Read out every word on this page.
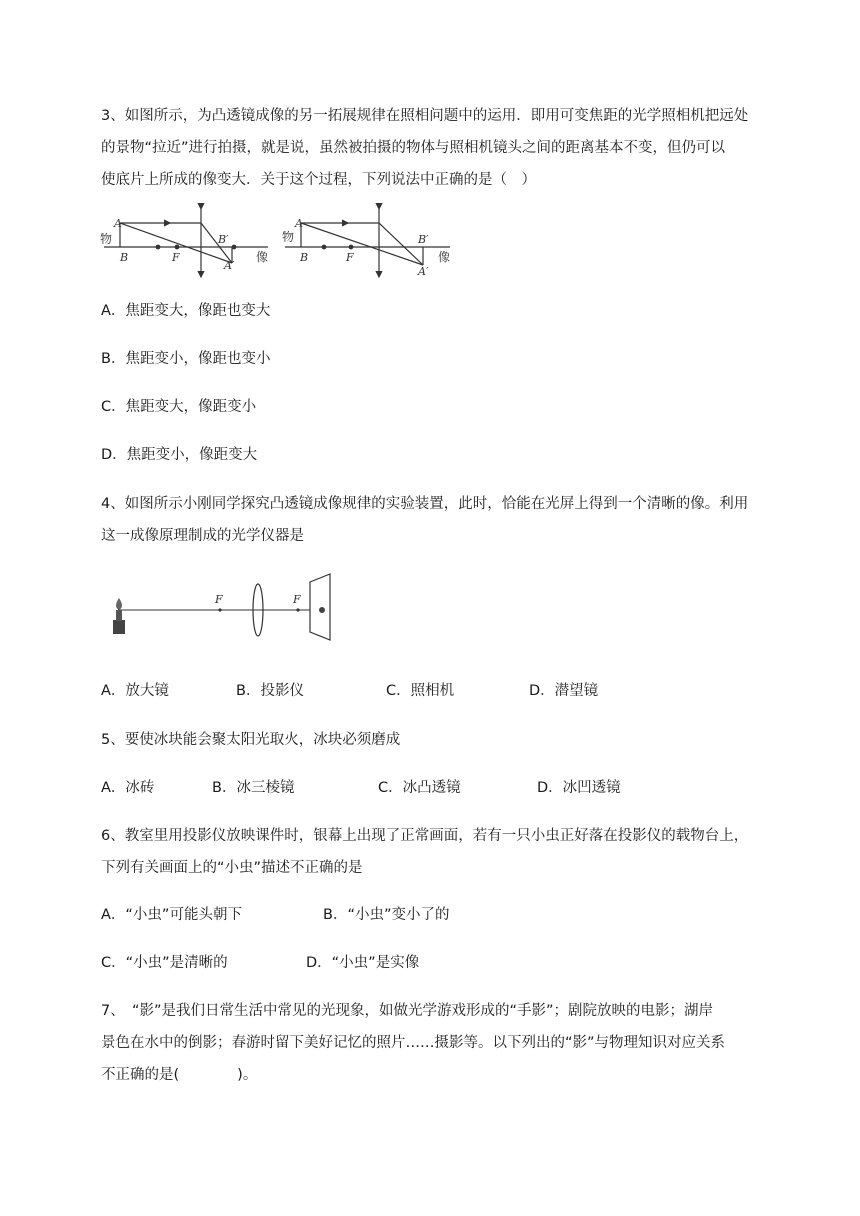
3、如图所示，为凸透镜成像的另一拓展规律在照相问题中的运用．即用可变焦距的光学照相机把远处
的景物“拉近”进行拍摄，就是说，虽然被拍摄的物体与照相机镜头之间的距离基本不变，但仍可以
使底片上所成的像变大．关于这个过程，下列说法中正确的是（　）
物
A
B	F
B′
A′
像
物
A
B	F
B′
A′
像
A．焦距变大，像距也变大
B．焦距变小，像距也变小
C．焦距变大，像距变小
D．焦距变小，像距变大
4、如图所示小刚同学探究凸透镜成像规律的实验装置，此时，恰能在光屏上得到一个清晰的像。利用
这一成像原理制成的光学仪器是
F	F
A．放大镜	B．投影仪	C．照相机	D．潜望镜
5、要使冰块能会聚太阳光取火，冰块必须磨成
A．冰砖	B．冰三棱镜	C．冰凸透镜	D．冰凹透镜
6、教室里用投影仪放映课件时，银幕上出现了正常画面，若有一只小虫正好落在投影仪的载物台上，
下列有关画面上的“小虫”描述不正确的是
A．“小虫”可能头朝下	B．“小虫”变小了的
C．“小虫”是清晰的	D．“小虫”是实像
7、　“影”是我们日常生活中常见的光现象，如做光学游戏形成的“手影”；剧院放映的电影；湖岸
景色在水中的倒影；春游时留下美好记忆的照片……摄影等。以下列出的“影”与物理知识对应关系
不正确的是(　　　　)。
